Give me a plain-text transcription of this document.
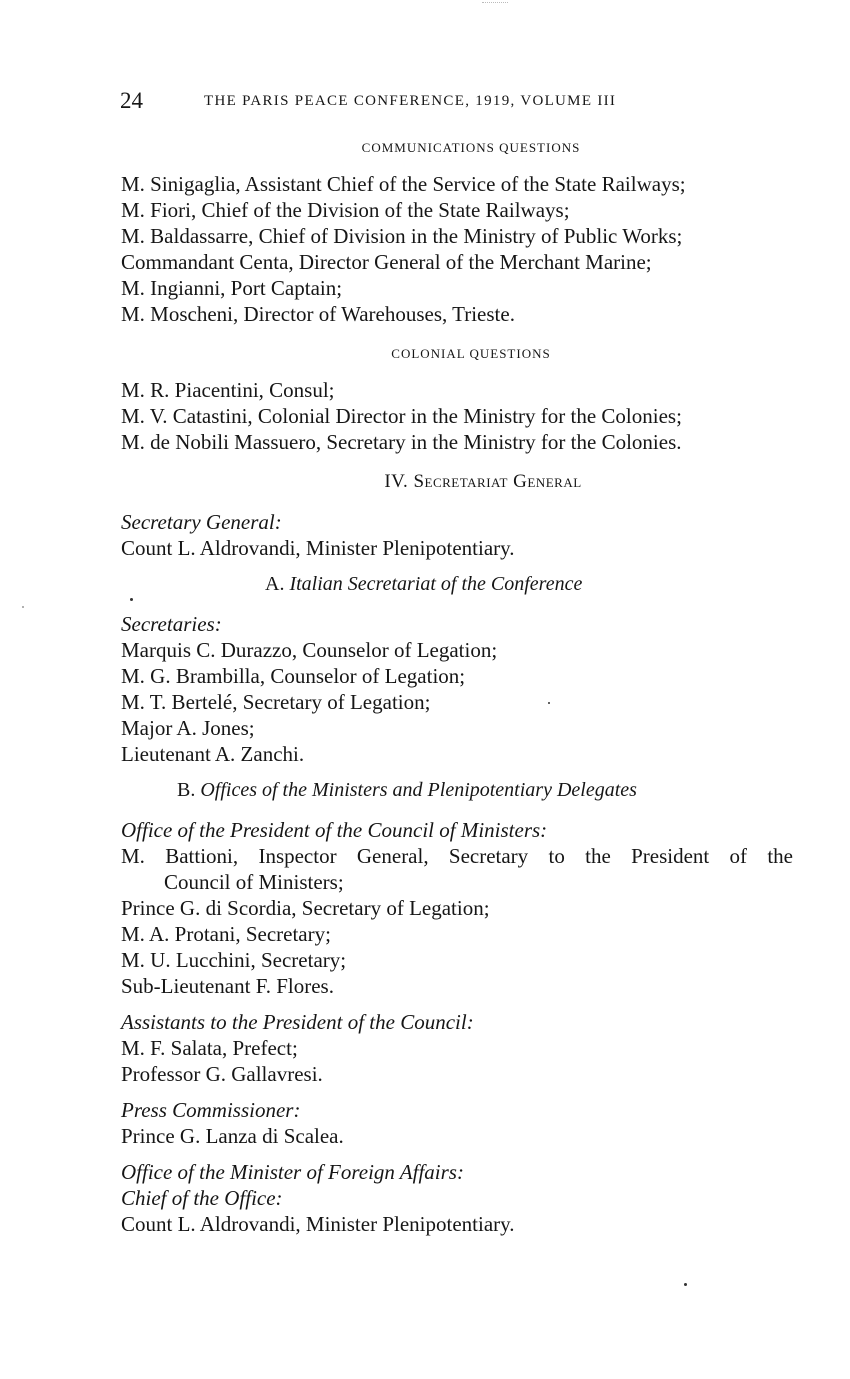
24	THE PARIS PEACE CONFERENCE, 1919, VOLUME III
COMMUNICATIONS QUESTIONS
M. Sinigaglia, Assistant Chief of the Service of the State Railways;
M. Fiori, Chief of the Division of the State Railways;
M. Baldassarre, Chief of Division in the Ministry of Public Works;
Commandant Centa, Director General of the Merchant Marine;
M. Ingianni, Port Captain;
M. Moscheni, Director of Warehouses, Trieste.
COLONIAL QUESTIONS
M. R. Piacentini, Consul;
M. V. Catastini, Colonial Director in the Ministry for the Colonies;
M. de Nobili Massuero, Secretary in the Ministry for the Colonies.
IV. Secretariat General
Secretary General:
Count L. Aldrovandi, Minister Plenipotentiary.
A. Italian Secretariat of the Conference
Secretaries:
Marquis C. Durazzo, Counselor of Legation;
M. G. Brambilla, Counselor of Legation;
M. T. Bertelé, Secretary of Legation;
Major A. Jones;
Lieutenant A. Zanchi.
B. Offices of the Ministers and Plenipotentiary Delegates
Office of the President of the Council of Ministers:
M. Battioni, Inspector General, Secretary to the President of the
Council of Ministers;
Prince G. di Scordia, Secretary of Legation;
M. A. Protani, Secretary;
M. U. Lucchini, Secretary;
Sub-Lieutenant F. Flores.
Assistants to the President of the Council:
M. F. Salata, Prefect;
Professor G. Gallavresi.
Press Commissioner:
Prince G. Lanza di Scalea.
Office of the Minister of Foreign Affairs:
Chief of the Office:
Count L. Aldrovandi, Minister Plenipotentiary.
